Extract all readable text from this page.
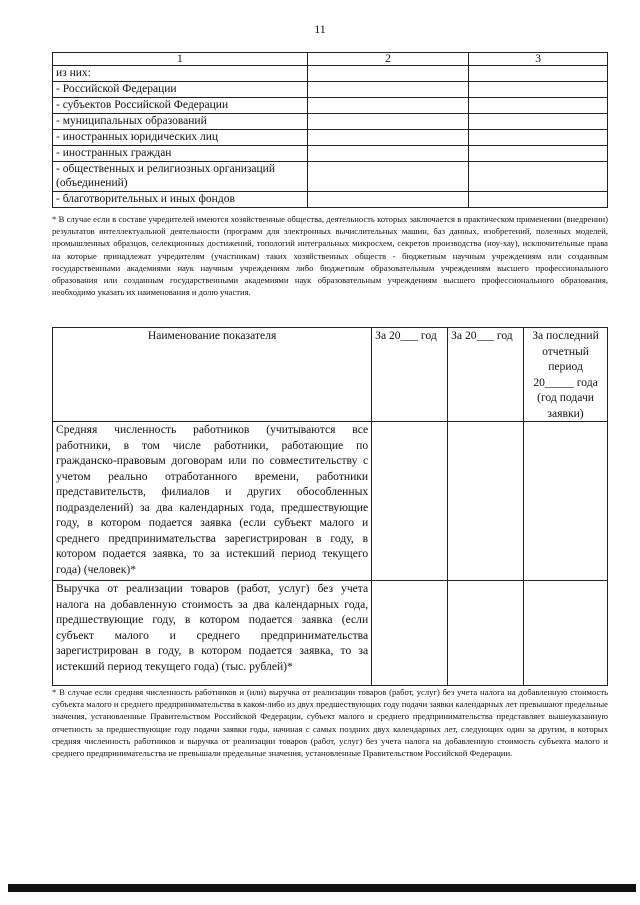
11
1	2	3
из них:		
- Российской Федерации		
- субъектов Российской Федерации		
- муниципальных образований		
- иностранных юридических лиц		
- иностранных граждан		
- общественных и религиозных организаций (объединений)		
- благотворительных и иных фондов		
* В случае если в составе учредителей имеются хозяйственные общества, деятельность которых заключается в практическом применении (внедрении) результатов интеллектуальной деятельности (программ для электронных вычислительных машин, баз данных, изобретений, полезных моделей, промышленных образцов, селекционных достижений, топологий интегральных микросхем, секретов производства (ноу-хау), исключительные права на которые принадлежат учредителям (участникам) таких хозяйственных обществ - бюджетным научным учреждениям или созданным государственными академиями наук научным учреждениям либо бюджетным образовательным учреждениям высшего профессионального образования или созданным государственными академиями наук образовательным учреждениям высшего профессионального образования, необходимо указать их наименования и долю участия.
Наименование показателя	За 20___ год	За 20___ год	За последний отчетный период 20_____ года (год подачи заявки)
Средняя численность работников (учитываются все работники, в том числе работники, работающие по гражданско-правовым договорам или по совместительству с учетом реально отработанного времени, работники представительств, филиалов и других обособленных подразделений) за два календарных года, предшествующие году, в котором подается заявка (если субъект малого и среднего предпринимательства зарегистрирован в году, в котором подается заявка, то за истекший период текущего года) (человек)*			
Выручка от реализации товаров (работ, услуг) без учета налога на добавленную стоимость за два календарных года, предшествующие году, в котором подается заявка (если субъект малого и среднего предпринимательства зарегистрирован в году, в котором подается заявка, то за истекший период текущего года) (тыс. рублей)*			
* В случае если средняя численность работников и (или) выручка от реализации товаров (работ, услуг) без учета налога на добавленную стоимость субъекта малого и среднего предпринимательства в каком-либо из двух предшествующих году подачи заявки календарных лет превышают предельные значения, установленные Правительством Российской Федерации, субъект малого и среднего предпринимательства представляет вышеуказанную отчетность за предшествующие году подачи заявки годы, начиная с самых поздних двух календарных лет, следующих один за другим, в которых средняя численность работников и выручка от реализации товаров (работ, услуг) без учета налога на добавленную стоимость субъекта малого и среднего предпринимательства не превышали предельные значения, установленные Правительством Российской Федерации.
